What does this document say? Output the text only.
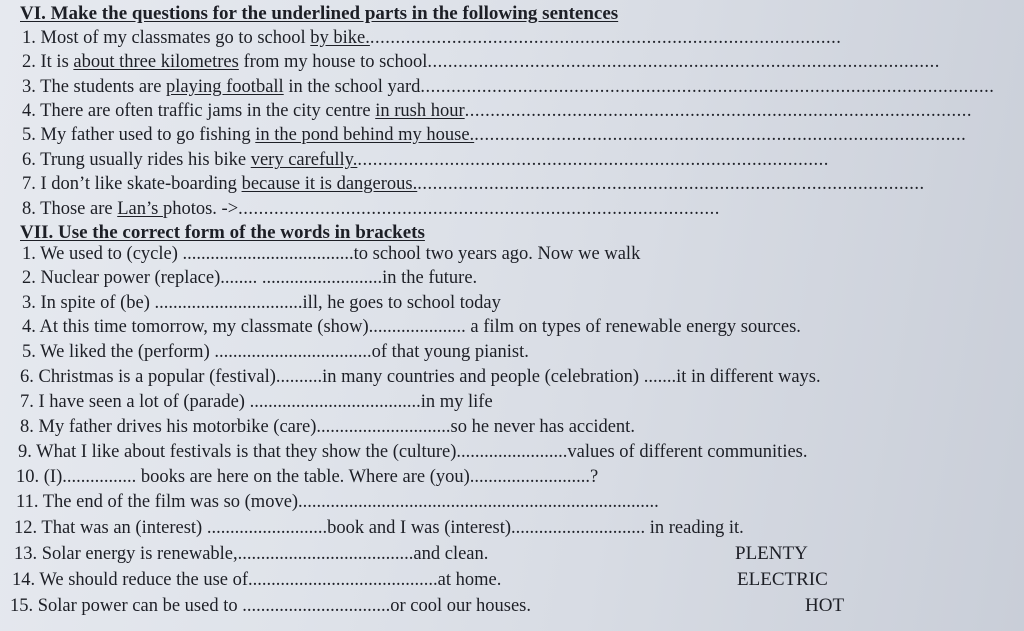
VI. Make the questions for the underlined parts in the following sentences
1. Most of my classmates go to school by bike.............................................................................................
2. It is about three kilometres from my house to school....................................................................................................
3. The students are playing football in the school yard................................................................................................................
4. There are often traffic jams in the city centre in rush hour...................................................................................................
5. My father used to go fishing in the pond behind my house.................................................................................................
6. Trung usually rides his bike very carefully.............................................................................................
7. I don’t like skate-boarding because it is dangerous....................................................................................................
8. Those are Lan’s photos. ->..............................................................................................
VII. Use the correct form of the words in brackets
1. We used to (cycle) .....................................to school two years ago. Now we walk
2. Nuclear power (replace)........ ..........................in the future.
3. In spite of (be) ................................ill, he goes to school today
4. At this time tomorrow, my classmate (show)..................... a film on types of renewable energy sources.
5. We liked the (perform) ..................................of that young pianist.
6. Christmas is a popular (festival)..........in many countries and people (celebration) .......it in different ways.
7. I have seen a lot of (parade) .....................................in my life
8. My father drives his motorbike (care).............................so he never has accident.
9. What I like about festivals is that they show the (culture)........................values of different communities.
10. (I)................ books are here on the table. Where are (you)..........................?
11. The end of the film was so (move)..............................................................................
12. That was an (interest) ..........................book and I was (interest)............................. in reading it.
13. Solar energy is renewable,......................................and clean.
14. We should reduce the use of.........................................at home.
15. Solar power can be used to ................................or cool our houses.
PLENTY
ELECTRIC
HOT
